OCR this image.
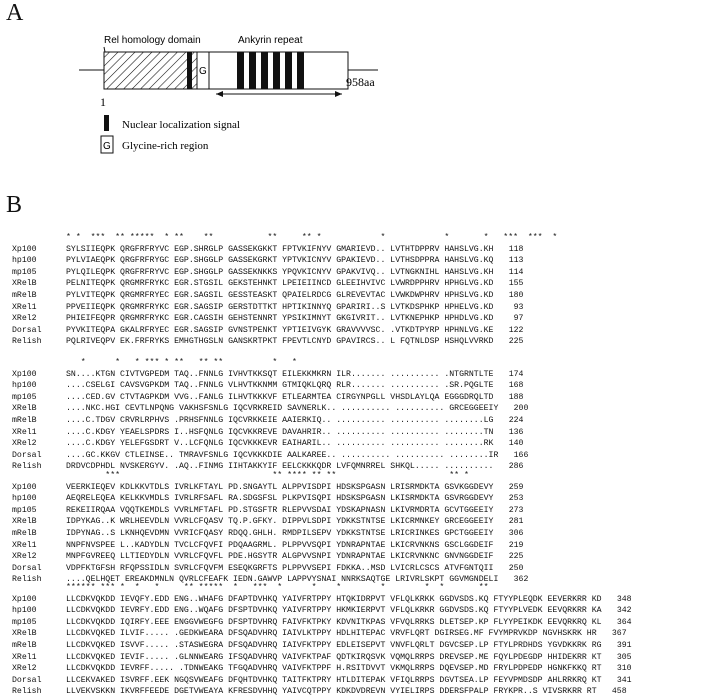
A
Rel homology domain	Ankyrin repeat
G
1
958aa
Nuclear localization signal
G Glycine-rich region
B
* *  ***  ** *****  * **    **           **     ** *            *            *       *   ***  ***  *
Xp100	SYLSIIEQPK QRGFRFRYVC EGP.SHRGLP GASSEKGKKT FPTVKIFNYV GMARIEVD.. LVTHTDPPRV HAHSLVG.KH 118
hp100	PYLVIAEQPK QRGFRFRYGC EGP.SHGGLP GASSEKGRKT YPTVKICNYV GPAKIEVD.. LVTHSDPPRA HAHSLVG.KQ 113
mp105	PYLQILEQPK QRGFRFRYVC EGP.SHGGLP GASSEKNKKS YPQVKICNYV GPAKVIVQ.. LVTNGKNIHL HAHSLVG.KH 114
XRelB	PELNITEQPK QRGMRFRYKC EGR.STGSIL GEKSTEHNKT LPEIEIINCD GLEEIHVIVC LVWRDPPHRV HPHGLVG.KD 155
mRelB	PYLVITEQPK QRGMRFRYEC EGR.SAGSIL GESSTEASKT QPAIELRDCG GLREVEVTAC LVWKDWPHRV HPHSLVG.KD 180
XRel1	PPVEIIEQPK QRGMRFRYKC EGR.SAGSIP GERSTDTTKT HPTIKINNYQ GPARIRI..S LVTKDSPHKP HPHELVG.KD 93
XRel2	PHIEIFEQPR QRGMRFRYKC EGR.CAGSIH GEHSTENNRT YPSIKIMNYT GKGIVRIT.. LVTKNEPHKP HPHDLVG.KD 97
Dorsal	PYVKITEQPA GKALRFRYEC EGR.SAGSIP GVNSTPENKT YPTIEIVGYK GRAVVVVSC. .VTKDTPYRP HPHNLVG.KE 122
Relish	PQLRIVEQPV EK.FRFRYKS EMHGTHGSLN GANSKRTPKT FPEVTLCNYD GPAVIRCS.. L FQTNLDSP HSHQLVVRKD 225
*      *   * *** * **   ** **          *   *
Xp100	SN....KTGN CIVTVGPEDM TAQ..FNNLG IVHVTKKSQT EILEKKMKRN ILR....... .......... .NTGRNTLTE 174
hp100	....CSELGI CAVSVGPKDM TAQ..FNNLG VLHVTKKNMM GTMIQKLQRQ RLR....... .......... .SR.PQGLTE 168
mp105	....CED.GV CTVTAGPKDM VVG..FANLG ILHVTKKKVF ETLEARMTEA CIRGYNPGLL VHSDLAYLQA EGGGDRQLTD 188
XRelB	....NKC.HGI CEVTLNPQNG VAKHSFSNLG IQCVRKREID SAVNERLK.. .......... .......... GRCEGGEEIY 200
mRelB	....C.TDGV CRVRLRPHVS .PRHSFNNLG IQCVRKKEIE AAIERKIQ.. .......... .......... ........LG 224
XRel1	....C.KDGY YEAELSPDRS I..HSFQNLG IQCVKKREVE DAVAHRIR.. .......... .......... ........TN 136
XRel2	....C.KDGY YELEFGSDRT V..LCFQNLG IQCVKKKEVR EAIHARIL.. .......... .......... ........RK 140
Dorsal	....GC.KKGV CTLEINSE.. TMRAVFSNLG IQCVKKKDIE AALKAREE.. .......... .......... ........IR 166
Relish	DRDVCDPHDL NVSKERGYV. .AQ..FINMG IIHTAKKYIF EELCKKKQDR LVFQMNRREL SHKQL..... .......... 286
***                               ** **** ** **                       ** *
Xp100	VEERKIEQEV KDLKKVTDLS IVRLKFTAYL PD.SNGAYTL ALPPVISDPI HDSKSPGASN LRISRMDKTA GSVKGGDEVY 259
hp100	AEQRELEQEA KELKKVMDLS IVRLRFSAFL RA.SDGSFSL PLKPVISQPI HDSKSPGASN LKISRMDKTA GSVRGGDEVY 253
mp105	REKEIIRQAA VQQTKEMDLS VVRLMFTAFL PD.STGSFTR RLEPVVSDAI YDSKAPNASN LKIVRMDRTA GCVTGGEEIY 273
XRelB	IDPYKAG..K WRLHEEVDLN VVRLCFQASV TQ.P.GFKY. DIPPVLSDPI YDKKSTNTSE LKICRMNKEY GRCEGGEEIY 281
mRelB	IDPYNAG..S LKNHQEVDMN VVRICFQASY RDQQ.GHLH. RMDPILSEPV YDKKSTNTSE LRICRINKES GPCTGGEEIY 306
XRel1	NNPFNVSPEE L..KADYDLN TVCLCFQVFI PDQAAGRML. PLPPVVSQPI YDNRAPNTAE LKICRVNKNS GSCLGGDEIF 219
XRel2	MNPFGVREEQ LLTIEDYDLN VVRLCFQVFL PDE.HGSYTR ALGPVVSNPI YDNRAPNTAE LKICRVNKNC GNVNGGDEIF 225
Dorsal	VDPFKTGFSH RFQPSSIDLN SVRLCFQVFM ESEQKGRFTS PLPPVVSEPI FDKKA..MSD LVICRLCSCS ATVFGNTQII 250
Relish	....QELHQET EREAKDMNLN QVRLCFEAFK IEDN.GAWVP LAPPVYSNAI NNRKSAQTGE LRIVRLSKPT GGVMGNDELI 362
****** *** *  *   *     ** *****  *   ***  *      *    *        *        *  *       **
Xp100	LLCDKVQKDD IEVQFY.EDD ENG..WHAFG DFAPTDVHKQ YAIVFRTPPY HTQKIDRPVT VFLQLKRKK GGDVSDS.KQ FTYYPLEQDK EEVERKRR KD 348
hp100	LLCDKVQKDD IEVRFY.EDD ENG..WQAFG DFSPTDVHKQ YAIVFRTPPY HKMKIERPVT VFLQLKRKR GGDVSDS.KQ FTYYPLVEDK EEVQRKRR KA 342
mp105	LLCDKVQKDD IQIRFY.EEE ENGGVWEGFG DFSPTDVHRQ FAIVFKTPKY KDVNITKPAS VFVQLRRKS DLETSEP.KP FLYYPEIKDK EEVQRKRQ KL 364
XRelB	LLCDKVQKED ILVIF..... .GEDKWEARA DFSQADVHRQ IAIVLKTPPY HDLHITEPAC VRVFLQRT DGIRSEG.MF FVYMPRVKDP NGVHSKRK HR 367
mRelB	LLCDKVQKED ISVVF..... .STASWEGRA DFSQADVHRQ IAIVFKTPPY EDLEISEPVT VNVFLQRLT DGVCSEP.LP FTYLPRDHDS YGVDKKRK RG 391
XRel1	LLCDKVQKED IEVIF..... .GLNNWEARG IFSQADVHRQ VAIVFKTPAF QDTKIRQSVK VQMQLRRPS DREVSEP.ME FQYLPDEGDP HHIDEKRR KT 305
XRel2	LLCDKVQKDD IEVRFF..... .TDNWEAKG TFGQADVHRQ VAIVFKTPPF H.RSITDVVT VKMQLRRPS DQEVSEP.MD FRYLPDPEDP HGNKFKKQ RT 310
Dorsal	LLCEKVAKED ISVRFF.EEK NGQSVWEAFG DFQHTDVHKQ TAITFKTPRY HTLDITEPAK VFIQLRRPS DGVTSEA.LP FEYVPMDSDP AHLRRKRQ KT 341
Relish	LLVEKVSKKN IKVRFFEEDE DGETVWEAYA KFRESDVHHQ YAIVCQTPPY KDKDVDREVN VYIELIRPS DDERSFPALP FRYKPR..S VIVSRKRR RT 458
